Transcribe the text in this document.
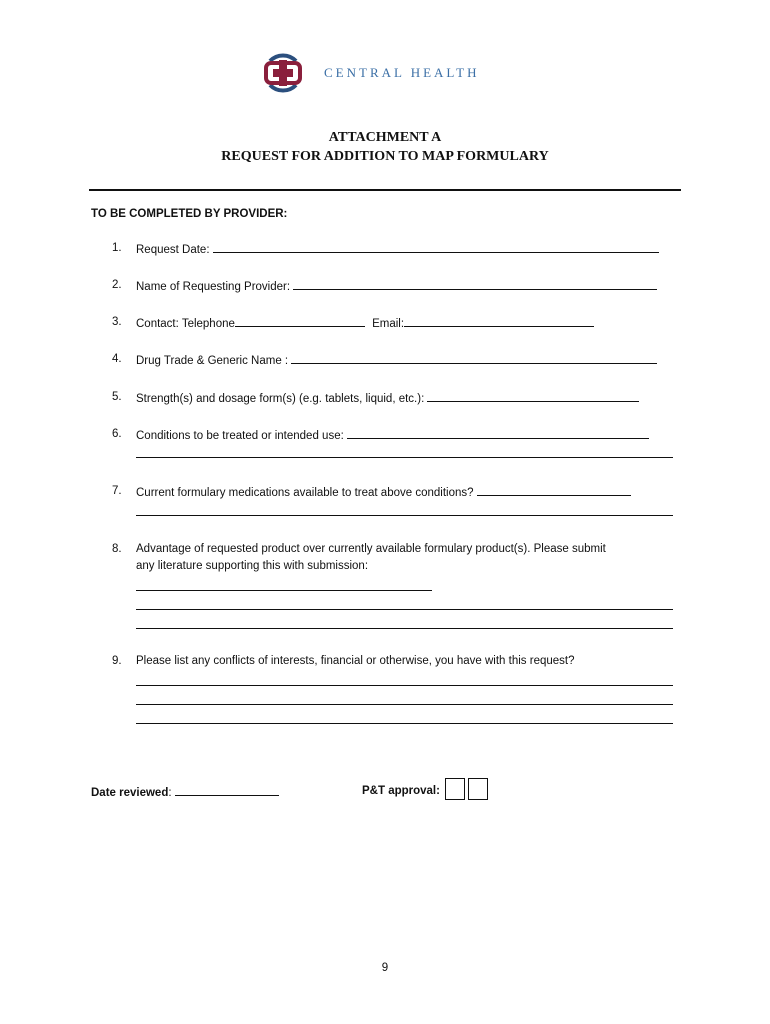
CENTRAL HEALTH
ATTACHMENT A
REQUEST FOR ADDITION TO MAP FORMULARY
TO BE COMPLETED BY PROVIDER:
1. Request Date:
2. Name of Requesting Provider:
3. Contact: Telephone	Email:
4. Drug Trade & Generic Name :
5. Strength(s) and dosage form(s) (e.g. tablets, liquid, etc.):
6. Conditions to be treated or intended use:
7. Current formulary medications available to treat above conditions?
8. Advantage of requested product over currently available formulary product(s). Please submit
any literature supporting this with submission:
9. Please list any conflicts of interests, financial or otherwise, you have with this request?
Date reviewed:	P&T approval:
9
